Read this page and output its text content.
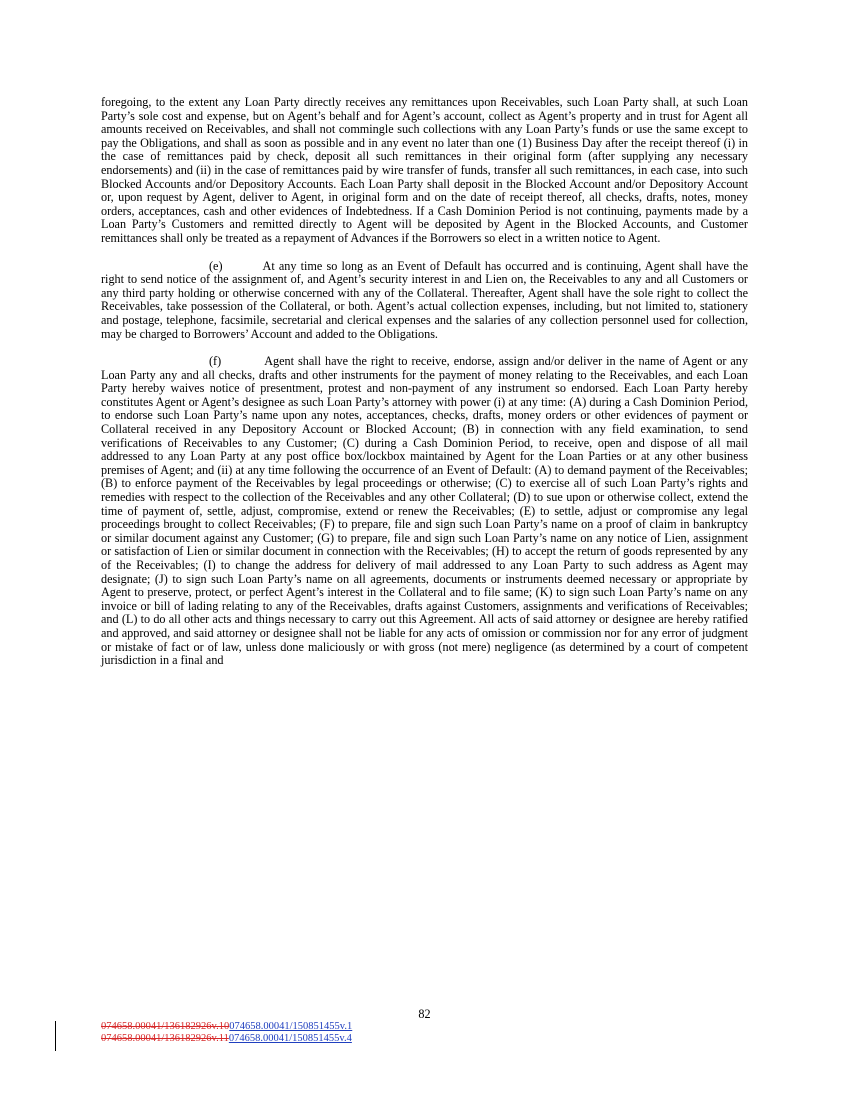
foregoing, to the extent any Loan Party directly receives any remittances upon Receivables, such Loan Party shall, at such Loan Party’s sole cost and expense, but on Agent’s behalf and for Agent’s account, collect as Agent’s property and in trust for Agent all amounts received on Receivables, and shall not commingle such collections with any Loan Party’s funds or use the same except to pay the Obligations, and shall as soon as possible and in any event no later than one (1) Business Day after the receipt thereof (i) in the case of remittances paid by check, deposit all such remittances in their original form (after supplying any necessary endorsements) and (ii) in the case of remittances paid by wire transfer of funds, transfer all such remittances, in each case, into such Blocked Accounts and/or Depository Accounts. Each Loan Party shall deposit in the Blocked Account and/or Depository Account or, upon request by Agent, deliver to Agent, in original form and on the date of receipt thereof, all checks, drafts, notes, money orders, acceptances, cash and other evidences of Indebtedness. If a Cash Dominion Period is not continuing, payments made by a Loan Party’s Customers and remitted directly to Agent will be deposited by Agent in the Blocked Accounts, and Customer remittances shall only be treated as a repayment of Advances if the Borrowers so elect in a written notice to Agent.

(e)	At any time so long as an Event of Default has occurred and is continuing, Agent shall have the right to send notice of the assignment of, and Agent’s security interest in and Lien on, the Receivables to any and all Customers or any third party holding or otherwise concerned with any of the Collateral. Thereafter, Agent shall have the sole right to collect the Receivables, take possession of the Collateral, or both. Agent’s actual collection expenses, including, but not limited to, stationery and postage, telephone, facsimile, secretarial and clerical expenses and the salaries of any collection personnel used for collection, may be charged to Borrowers’ Account and added to the Obligations.

(f)	Agent shall have the right to receive, endorse, assign and/or deliver in the name of Agent or any Loan Party any and all checks, drafts and other instruments for the payment of money relating to the Receivables, and each Loan Party hereby waives notice of presentment, protest and non-payment of any instrument so endorsed. Each Loan Party hereby constitutes Agent or Agent’s designee as such Loan Party’s attorney with power (i) at any time: (A) during a Cash Dominion Period, to endorse such Loan Party’s name upon any notes, acceptances, checks, drafts, money orders or other evidences of payment or Collateral received in any Depository Account or Blocked Account; (B) in connection with any field examination, to send verifications of Receivables to any Customer; (C) during a Cash Dominion Period, to receive, open and dispose of all mail addressed to any Loan Party at any post office box/lockbox maintained by Agent for the Loan Parties or at any other business premises of Agent; and (ii) at any time following the occurrence of an Event of Default: (A) to demand payment of the Receivables; (B) to enforce payment of the Receivables by legal proceedings or otherwise; (C) to exercise all of such Loan Party’s rights and remedies with respect to the collection of the Receivables and any other Collateral; (D) to sue upon or otherwise collect, extend the time of payment of, settle, adjust, compromise, extend or renew the Receivables; (E) to settle, adjust or compromise any legal proceedings brought to collect Receivables; (F) to prepare, file and sign such Loan Party’s name on a proof of claim in bankruptcy or similar document against any Customer; (G) to prepare, file and sign such Loan Party’s name on any notice of Lien, assignment or satisfaction of Lien or similar document in connection with the Receivables; (H) to accept the return of goods represented by any of the Receivables; (I) to change the address for delivery of mail addressed to any Loan Party to such address as Agent may designate; (J) to sign such Loan Party’s name on all agreements, documents or instruments deemed necessary or appropriate by Agent to preserve, protect, or perfect Agent’s interest in the Collateral and to file same; (K) to sign such Loan Party’s name on any invoice or bill of lading relating to any of the Receivables, drafts against Customers, assignments and verifications of Receivables; and (L) to do all other acts and things necessary to carry out this Agreement. All acts of said attorney or designee are hereby ratified and approved, and said attorney or designee shall not be liable for any acts of omission or commission nor for any error of judgment or mistake of fact or of law, unless done maliciously or with gross (not mere) negligence (as determined by a court of competent jurisdiction in a final and

82
074658.00041/136182926v.10074658.00041/150851455v.1
074658.00041/136182926v.11074658.00041/150851455v.4
